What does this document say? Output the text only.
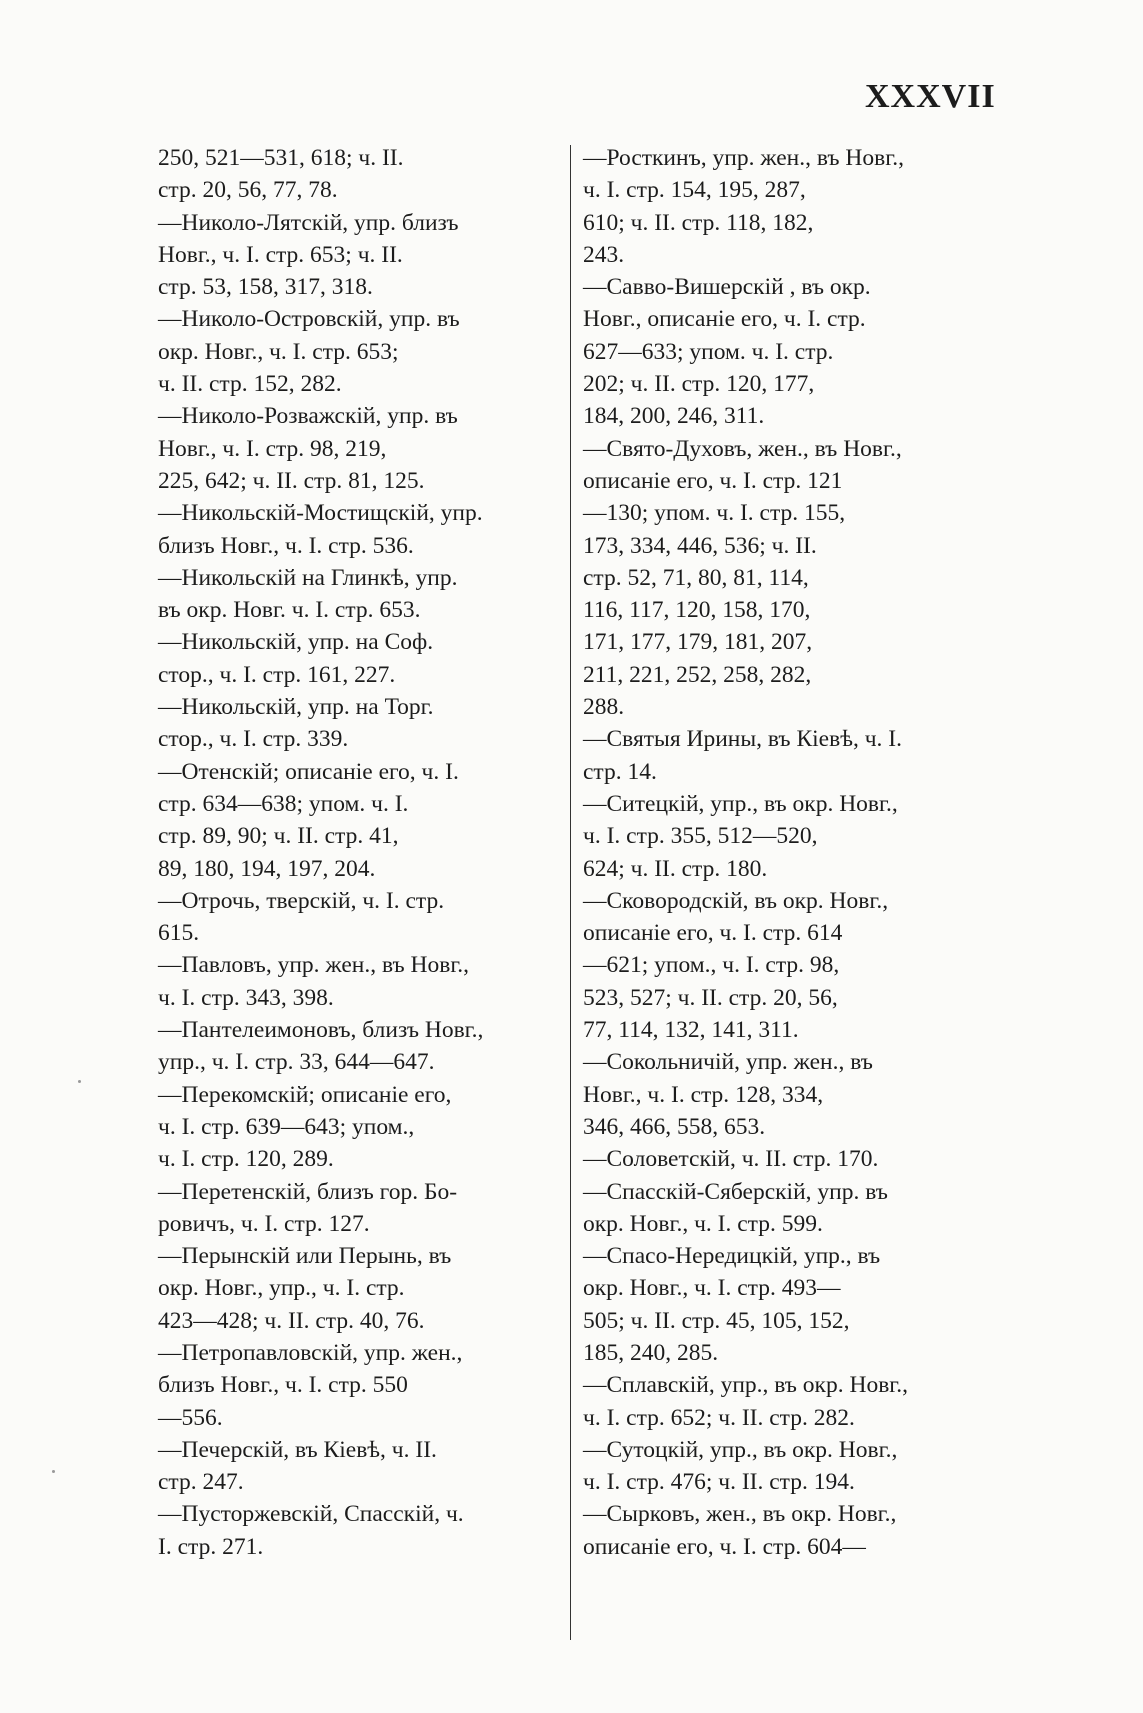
XXXVII
250, 521—531, 618; ч. II.
стр. 20, 56, 77, 78.
—Николо-Лятскій, упр. близъ
Новг., ч. I. стр. 653; ч. II.
стр. 53, 158, 317, 318.
—Николо-Островскій, упр. въ
окр. Новг., ч. I. стр. 653;
ч. II. стр. 152, 282.
—Николо-Розважскій, упр. въ
Новг., ч. I. стр. 98, 219,
225, 642; ч. II. стр. 81, 125.
—Никольскій-Мостищскій, упр.
близъ Новг., ч. I. стр. 536.
—Никольскій на Глинкѣ, упр.
въ окр. Новг. ч. I. стр. 653.
—Никольскій, упр. на Соф.
стор., ч. I. стр. 161, 227.
—Никольскій, упр. на Торг.
стор., ч. I. стр. 339.
—Отенскій; описаніе его, ч. I.
стр. 634—638; упом. ч. I.
стр. 89, 90; ч. II. стр. 41,
89, 180, 194, 197, 204.
—Отрочь, тверскій, ч. I. стр.
615.
—Павловъ, упр. жен., въ Новг.,
ч. I. стр. 343, 398.
—Пантелеимоновъ, близъ Новг.,
упр., ч. I. стр. 33, 644—647.
—Перекомскій; описаніе его,
ч. I. стр. 639—643; упом.,
ч. I. стр. 120, 289.
—Перетенскій, близъ гор. Бо-
ровичъ, ч. I. стр. 127.
—Перынскій или Перынь, въ
окр. Новг., упр., ч. I. стр.
423—428; ч. II. стр. 40, 76.
—Петропавловскій, упр. жен.,
близъ Новг., ч. I. стр. 550
—556.
—Печерскій, въ Кіевѣ, ч. II.
стр. 247.
—Пусторжевскій, Спасскій, ч.
I. стр. 271.
—Росткинъ, упр. жен., въ Новг.,
ч. I. стр. 154, 195, 287,
610; ч. II. стр. 118, 182,
243.
—Савво-Вишерскій , въ окр.
Новг., описаніе его, ч. I. стр.
627—633; упом. ч. I. стр.
202; ч. II. стр. 120, 177,
184, 200, 246, 311.
—Свято-Духовъ, жен., въ Новг.,
описаніе его, ч. I. стр. 121
—130; упом. ч. I. стр. 155,
173, 334, 446, 536; ч. II.
стр. 52, 71, 80, 81, 114,
116, 117, 120, 158, 170,
171, 177, 179, 181, 207,
211, 221, 252, 258, 282,
288.
—Святыя Ирины, въ Кіевѣ, ч. I.
стр. 14.
—Ситецкій, упр., въ окр. Новг.,
ч. I. стр. 355, 512—520,
624; ч. II. стр. 180.
—Сковородскій, въ окр. Новг.,
описаніе его, ч. I. стр. 614
—621; упом., ч. I. стр. 98,
523, 527; ч. II. стр. 20, 56,
77, 114, 132, 141, 311.
—Сокольничій, упр. жен., въ
Новг., ч. I. стр. 128, 334,
346, 466, 558, 653.
—Соловетскій, ч. II. стр. 170.
—Спасскій-Сяберскій, упр. въ
окр. Новг., ч. I. стр. 599.
—Спасо-Нередицкій, упр., въ
окр. Новг., ч. I. стр. 493—
505; ч. II. стр. 45, 105, 152,
185, 240, 285.
—Сплавскій, упр., въ окр. Новг.,
ч. I. стр. 652; ч. II. стр. 282.
—Сутоцкій, упр., въ окр. Новг.,
ч. I. стр. 476; ч. II. стр. 194.
—Сырковъ, жен., въ окр. Новг.,
описаніе его, ч. I. стр. 604—
